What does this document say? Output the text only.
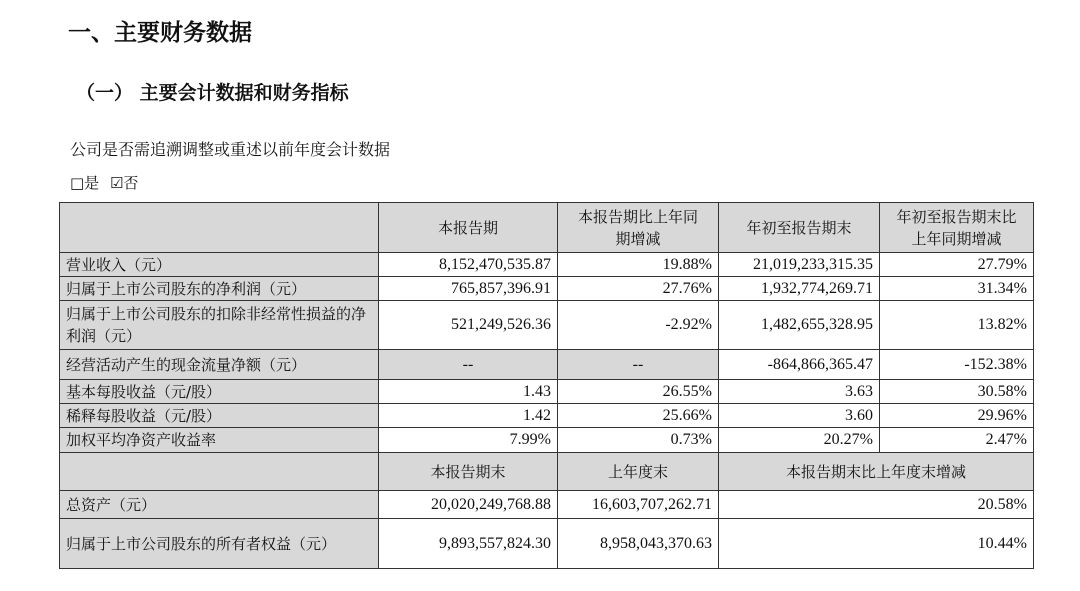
一、主要财务数据
（一） 主要会计数据和财务指标
公司是否需追溯调整或重述以前年度会计数据
□是 ☑否
	本报告期	本报告期比上年同期增减	年初至报告期末	年初至报告期末比上年同期增减
营业收入（元）	8,152,470,535.87	19.88%	21,019,233,315.35	27.79%
归属于上市公司股东的净利润（元）	765,857,396.91	27.76%	1,932,774,269.71	31.34%
归属于上市公司股东的扣除非经常性损益的净利润（元）	521,249,526.36	-2.92%	1,482,655,328.95	13.82%
经营活动产生的现金流量净额（元）	--	--	-864,866,365.47	-152.38%
基本每股收益（元/股）	1.43	26.55%	3.63	30.58%
稀释每股收益（元/股）	1.42	25.66%	3.60	29.96%
加权平均净资产收益率	7.99%	0.73%	20.27%	2.47%
	本报告期末	上年度末	本报告期末比上年度末增减	
总资产（元）	20,020,249,768.88	16,603,707,262.71	20.58%	
归属于上市公司股东的所有者权益（元）	9,893,557,824.30	8,958,043,370.63	10.44%	
